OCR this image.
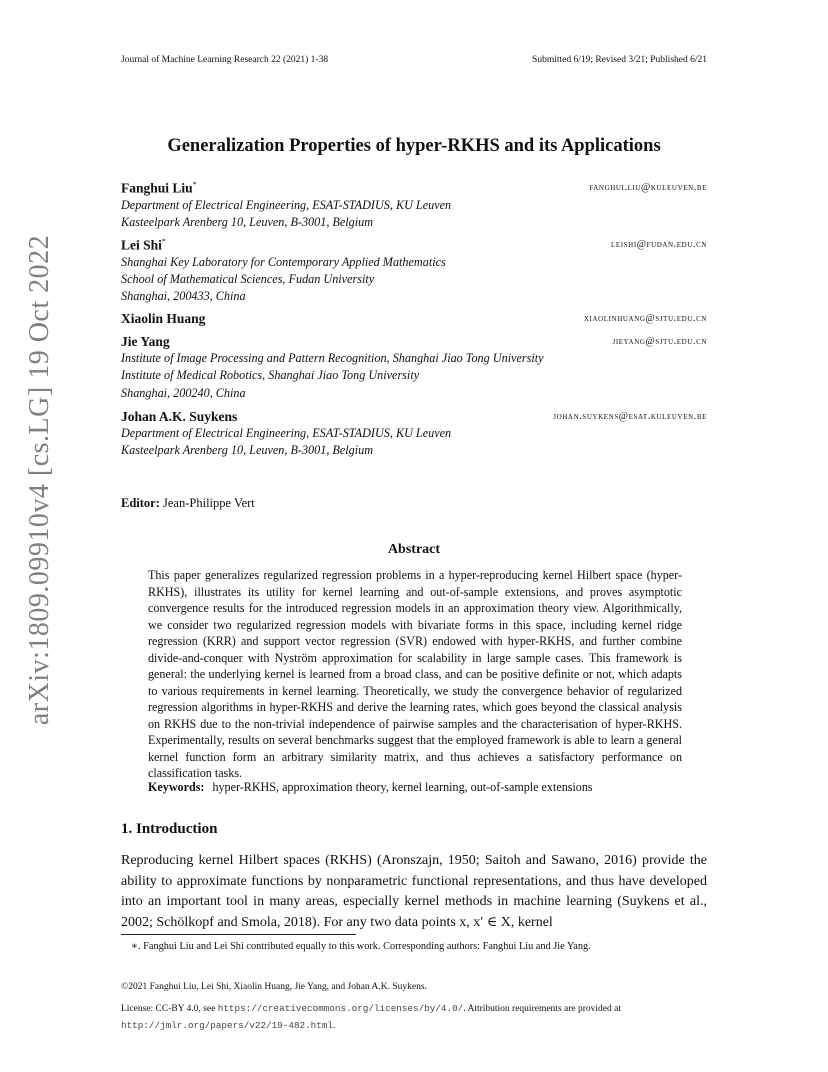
arXiv:1809.09910v4 [cs.LG] 19 Oct 2022
Journal of Machine Learning Research 22 (2021) 1-38	Submitted 6/19; Revised 3/21; Published 6/21
Generalization Properties of hyper-RKHS and its Applications
Fanghui Liu*	fanghui.liu@kuleuven.be
Department of Electrical Engineering, ESAT-STADIUS, KU Leuven
Kasteelpark Arenberg 10, Leuven, B-3001, Belgium
Lei Shi*	leishi@fudan.edu.cn
Shanghai Key Laboratory for Contemporary Applied Mathematics
School of Mathematical Sciences, Fudan University
Shanghai, 200433, China
Xiaolin Huang	xiaolinhuang@sjtu.edu.cn
Jie Yang	jieyang@sjtu.edu.cn
Institute of Image Processing and Pattern Recognition, Shanghai Jiao Tong University
Institute of Medical Robotics, Shanghai Jiao Tong University
Shanghai, 200240, China
Johan A.K. Suykens	johan.suykens@esat.kuleuven.be
Department of Electrical Engineering, ESAT-STADIUS, KU Leuven
Kasteelpark Arenberg 10, Leuven, B-3001, Belgium
Editor: Jean-Philippe Vert
Abstract
This paper generalizes regularized regression problems in a hyper-reproducing kernel Hilbert space (hyper-RKHS), illustrates its utility for kernel learning and out-of-sample extensions, and proves asymptotic convergence results for the introduced regression models in an approximation theory view. Algorithmically, we consider two regularized regression models with bivariate forms in this space, including kernel ridge regression (KRR) and support vector regression (SVR) endowed with hyper-RKHS, and further combine divide-and-conquer with Nyström approximation for scalability in large sample cases. This framework is general: the underlying kernel is learned from a broad class, and can be positive definite or not, which adapts to various requirements in kernel learning. Theoretically, we study the convergence behavior of regularized regression algorithms in hyper-RKHS and derive the learning rates, which goes beyond the classical analysis on RKHS due to the non-trivial independence of pairwise samples and the characterisation of hyper-RKHS. Experimentally, results on several benchmarks suggest that the employed framework is able to learn a general kernel function form an arbitrary similarity matrix, and thus achieves a satisfactory performance on classification tasks.
Keywords: hyper-RKHS, approximation theory, kernel learning, out-of-sample extensions
1. Introduction
Reproducing kernel Hilbert spaces (RKHS) (Aronszajn, 1950; Saitoh and Sawano, 2016) provide the ability to approximate functions by nonparametric functional representations, and thus have developed into an important tool in many areas, especially kernel methods in machine learning (Suykens et al., 2002; Schölkopf and Smola, 2018). For any two data points x, x′ ∈ X, kernel
∗. Fanghui Liu and Lei Shi contributed equally to this work. Corresponding authors: Fanghui Liu and Jie Yang.
©2021 Fanghui Liu, Lei Shi, Xiaolin Huang, Jie Yang, and Johan A.K. Suykens.
License: CC-BY 4.0, see https://creativecommons.org/licenses/by/4.0/. Attribution requirements are provided at
http://jmlr.org/papers/v22/19-482.html.
